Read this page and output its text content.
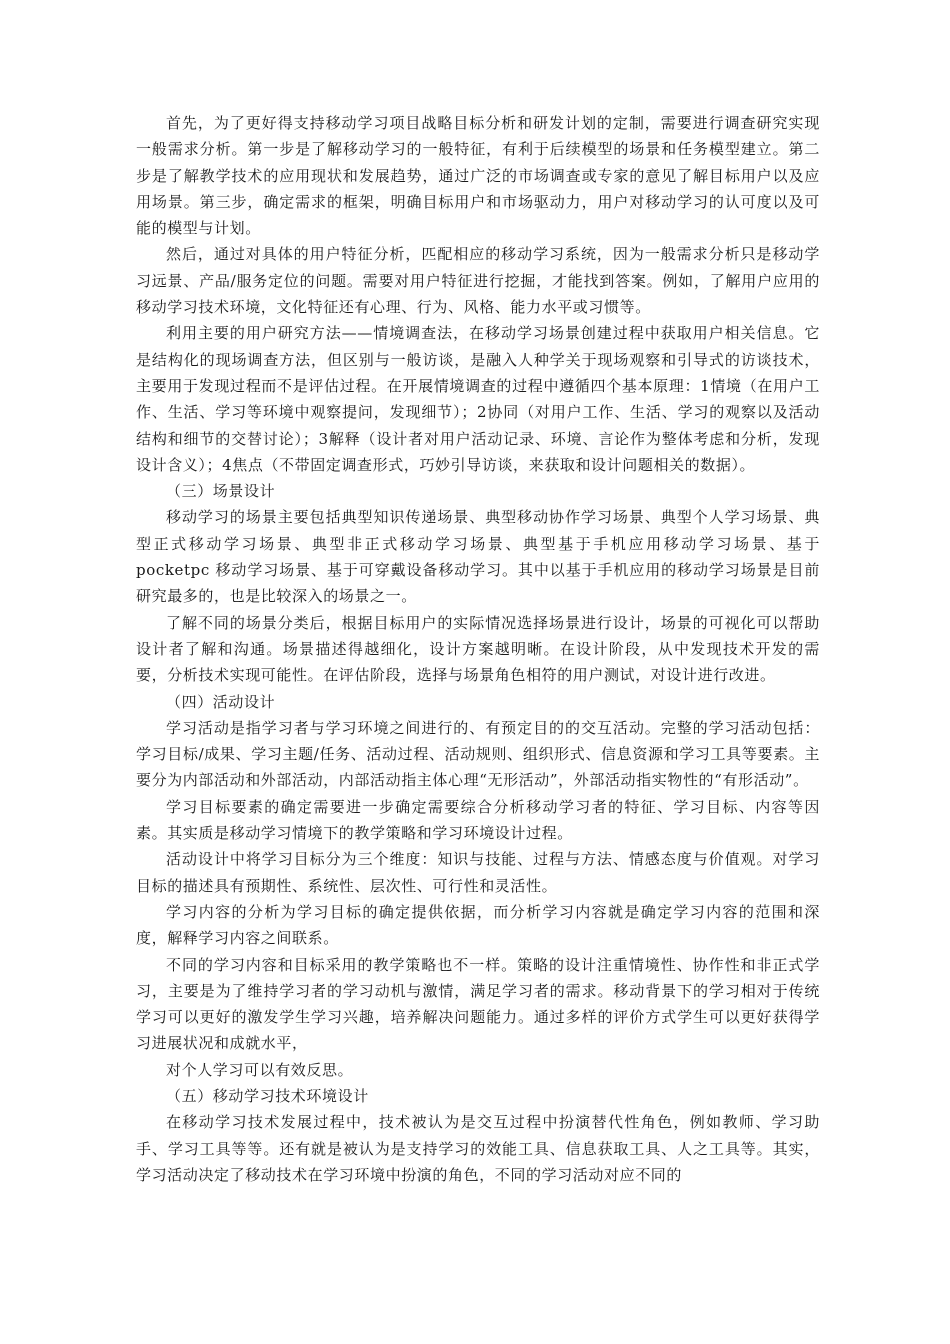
首先，为了更好得支持移动学习项目战略目标分析和研发计划的定制，需要进行调查研究实现一般需求分析。第一步是了解移动学习的一般特征，有利于后续模型的场景和任务模型建立。第二步是了解教学技术的应用现状和发展趋势，通过广泛的市场调查或专家的意见了解目标用户以及应用场景。第三步，确定需求的框架，明确目标用户和市场驱动力，用户对移动学习的认可度以及可能的模型与计划。

然后，通过对具体的用户特征分析，匹配相应的移动学习系统，因为一般需求分析只是移动学习远景、产品/服务定位的问题。需要对用户特征进行挖掘，才能找到答案。例如，了解用户应用的移动学习技术环境，文化特征还有心理、行为、风格、能力水平或习惯等。

利用主要的用户研究方法——情境调查法，在移动学习场景创建过程中获取用户相关信息。它是结构化的现场调查方法，但区别与一般访谈，是融入人种学关于现场观察和引导式的访谈技术，主要用于发现过程而不是评估过程。在开展情境调查的过程中遵循四个基本原理：1情境（在用户工作、生活、学习等环境中观察提问，发现细节）；2协同（对用户工作、生活、学习的观察以及活动结构和细节的交替讨论）；3解释（设计者对用户活动记录、环境、言论作为整体考虑和分析，发现设计含义）；4焦点（不带固定调查形式，巧妙引导访谈，来获取和设计问题相关的数据）。

（三）场景设计

移动学习的场景主要包括典型知识传递场景、典型移动协作学习场景、典型个人学习场景、典型正式移动学习场景、典型非正式移动学习场景、典型基于手机应用移动学习场景、基于 pocketpc 移动学习场景、基于可穿戴设备移动学习。其中以基于手机应用的移动学习场景是目前研究最多的，也是比较深入的场景之一。

了解不同的场景分类后，根据目标用户的实际情况选择场景进行设计，场景的可视化可以帮助设计者了解和沟通。场景描述得越细化，设计方案越明晰。在设计阶段，从中发现技术开发的需要，分析技术实现可能性。在评估阶段，选择与场景角色相符的用户测试，对设计进行改进。

（四）活动设计

学习活动是指学习者与学习环境之间进行的、有预定目的的交互活动。完整的学习活动包括：学习目标/成果、学习主题/任务、活动过程、活动规则、组织形式、信息资源和学习工具等要素。主要分为内部活动和外部活动，内部活动指主体心理“无形活动”，外部活动指实物性的“有形活动”。

学习目标要素的确定需要进一步确定需要综合分析移动学习者的特征、学习目标、内容等因素。其实质是移动学习情境下的教学策略和学习环境设计过程。

活动设计中将学习目标分为三个维度：知识与技能、过程与方法、情感态度与价值观。对学习目标的描述具有预期性、系统性、层次性、可行性和灵活性。

学习内容的分析为学习目标的确定提供依据，而分析学习内容就是确定学习内容的范围和深度，解释学习内容之间联系。

不同的学习内容和目标采用的教学策略也不一样。策略的设计注重情境性、协作性和非正式学习，主要是为了维持学习者的学习动机与激情，满足学习者的需求。移动背景下的学习相对于传统学习可以更好的激发学生学习兴趣，培养解决问题能力。通过多样的评价方式学生可以更好获得学习进展状况和成就水平，

对个人学习可以有效反思。

（五）移动学习技术环境设计

在移动学习技术发展过程中，技术被认为是交互过程中扮演替代性角色，例如教师、学习助手、学习工具等等。还有就是被认为是支持学习的效能工具、信息获取工具、人之工具等。其实，学习活动决定了移动技术在学习环境中扮演的角色，不同的学习活动对应不同的
